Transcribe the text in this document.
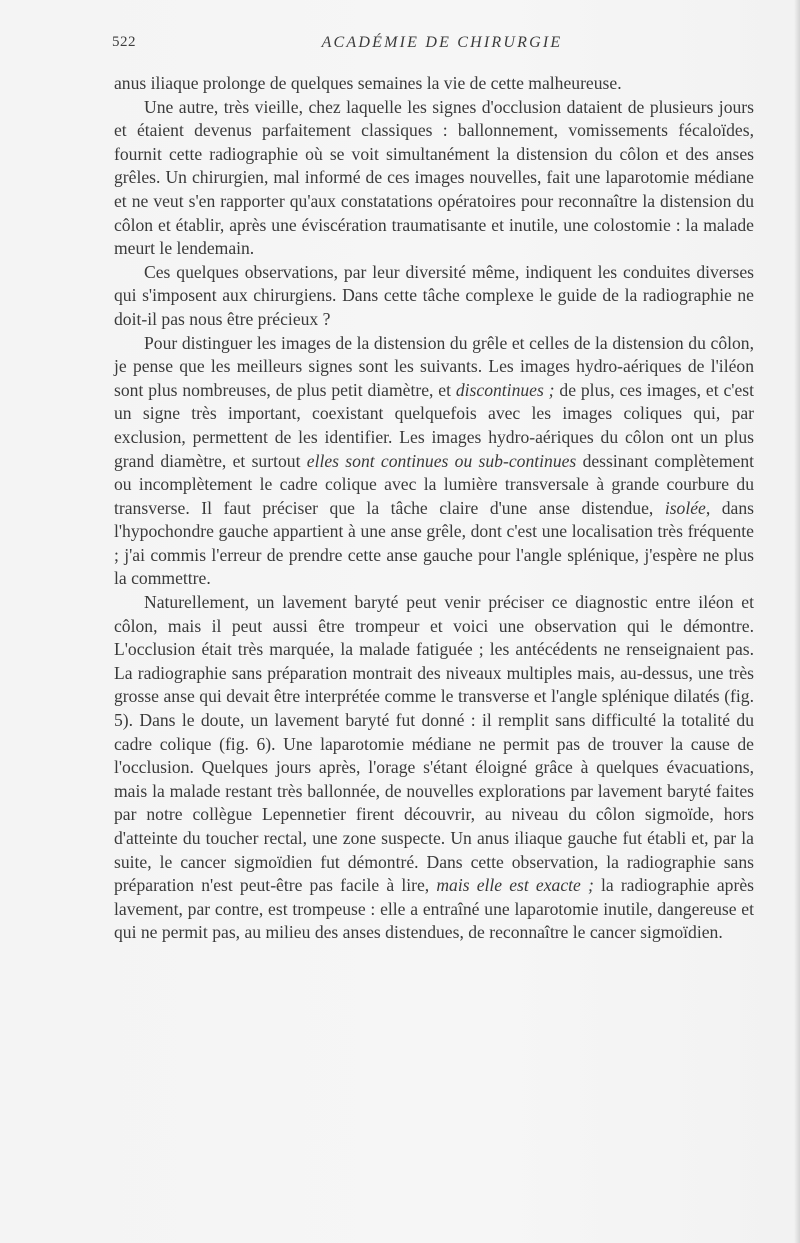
522	ACADÉMIE DE CHIRURGIE

anus iliaque prolonge de quelques semaines la vie de cette malheureuse.

Une autre, très vieille, chez laquelle les signes d'occlusion dataient de plusieurs jours et étaient devenus parfaitement classiques : ballonnement, vomissements fécaloïdes, fournit cette radiographie où se voit simultanément la distension du côlon et des anses grêles. Un chirurgien, mal informé de ces images nouvelles, fait une laparotomie médiane et ne veut s'en rapporter qu'aux constatations opératoires pour reconnaître la distension du côlon et établir, après une éviscération traumatisante et inutile, une colostomie : la malade meurt le lendemain.

Ces quelques observations, par leur diversité même, indiquent les conduites diverses qui s'imposent aux chirurgiens. Dans cette tâche complexe le guide de la radiographie ne doit-il pas nous être précieux ?

Pour distinguer les images de la distension du grêle et celles de la distension du côlon, je pense que les meilleurs signes sont les suivants. Les images hydro-aériques de l'iléon sont plus nombreuses, de plus petit diamètre, et discontinues ; de plus, ces images, et c'est un signe très important, coexistant quelquefois avec les images coliques qui, par exclusion, permettent de les identifier. Les images hydro-aériques du côlon ont un plus grand diamètre, et surtout elles sont continues ou sub-continues dessinant complètement ou incomplètement le cadre colique avec la lumière transversale à grande courbure du transverse. Il faut préciser que la tâche claire d'une anse distendue, isolée, dans l'hypochondre gauche appartient à une anse grêle, dont c'est une localisation très fréquente ; j'ai commis l'erreur de prendre cette anse gauche pour l'angle splénique, j'espère ne plus la commettre.

Naturellement, un lavement baryté peut venir préciser ce diagnostic entre iléon et côlon, mais il peut aussi être trompeur et voici une observation qui le démontre. L'occlusion était très marquée, la malade fatiguée ; les antécédents ne renseignaient pas. La radiographie sans préparation montrait des niveaux multiples mais, au-dessus, une très grosse anse qui devait être interprétée comme le transverse et l'angle splénique dilatés (fig. 5). Dans le doute, un lavement baryté fut donné : il remplit sans difficulté la totalité du cadre colique (fig. 6). Une laparotomie médiane ne permit pas de trouver la cause de l'occlusion. Quelques jours après, l'orage s'étant éloigné grâce à quelques évacuations, mais la malade restant très ballonnée, de nouvelles explorations par lavement baryté faites par notre collègue Lepennetier firent découvrir, au niveau du côlon sigmoïde, hors d'atteinte du toucher rectal, une zone suspecte. Un anus iliaque gauche fut établi et, par la suite, le cancer sigmoïdien fut démontré. Dans cette observation, la radiographie sans préparation n'est peut-être pas facile à lire, mais elle est exacte ; la radiographie après lavement, par contre, est trompeuse : elle a entraîné une laparotomie inutile, dangereuse et qui ne permit pas, au milieu des anses distendues, de reconnaître le cancer sigmoïdien.
